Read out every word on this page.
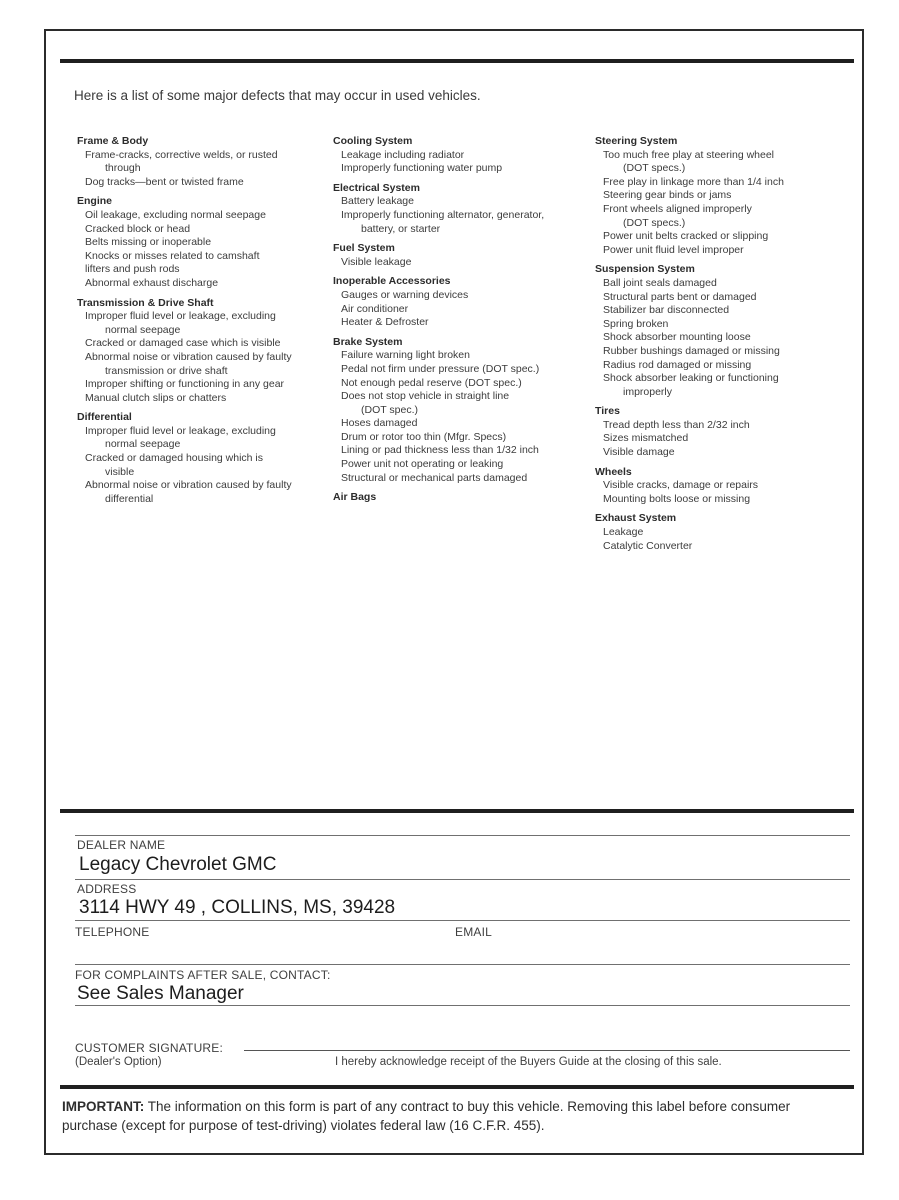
Here is a list of some major defects that may occur in used vehicles.
Frame & Body
Frame-cracks, corrective welds, or rusted
through
Dog tracks—bent or twisted frame
Engine
Oil leakage, excluding normal seepage
Cracked block or head
Belts missing or inoperable
Knocks or misses related to camshaft
lifters and push rods
Abnormal exhaust discharge
Transmission & Drive Shaft
Improper fluid level or leakage, excluding
normal seepage
Cracked or damaged case which is visible
Abnormal noise or vibration caused by faulty
transmission or drive shaft
Improper shifting or functioning in any gear
Manual clutch slips or chatters
Differential
Improper fluid level or leakage, excluding
normal seepage
Cracked or damaged housing which is
visible
Abnormal noise or vibration caused by faulty
differential
Cooling System
Leakage including radiator
Improperly functioning water pump
Electrical System
Battery leakage
Improperly functioning alternator, generator,
battery, or starter
Fuel System
Visible leakage
Inoperable Accessories
Gauges or warning devices
Air conditioner
Heater & Defroster
Brake System
Failure warning light broken
Pedal not firm under pressure (DOT spec.)
Not enough pedal reserve (DOT spec.)
Does not stop vehicle in straight line
(DOT spec.)
Hoses damaged
Drum or rotor too thin (Mfgr. Specs)
Lining or pad thickness less than 1/32 inch
Power unit not operating or leaking
Structural or mechanical parts damaged
Air Bags
Steering System
Too much free play at steering wheel
(DOT specs.)
Free play in linkage more than 1/4 inch
Steering gear binds or jams
Front wheels aligned improperly
(DOT specs.)
Power unit belts cracked or slipping
Power unit fluid level improper
Suspension System
Ball joint seals damaged
Structural parts bent or damaged
Stabilizer bar disconnected
Spring broken
Shock absorber mounting loose
Rubber bushings damaged or missing
Radius rod damaged or missing
Shock absorber leaking or functioning
improperly
Tires
Tread depth less than 2/32 inch
Sizes mismatched
Visible damage
Wheels
Visible cracks, damage or repairs
Mounting bolts loose or missing
Exhaust System
Leakage
Catalytic Converter
DEALER NAME
Legacy Chevrolet GMC
ADDRESS
3114 HWY 49 , COLLINS, MS, 39428
TELEPHONE	EMAIL
FOR COMPLAINTS AFTER SALE, CONTACT:
See Sales Manager
CUSTOMER SIGNATURE:
(Dealer's Option)	I hereby acknowledge receipt of the Buyers Guide at the closing of this sale.
IMPORTANT: The information on this form is part of any contract to buy this vehicle. Removing this label before consumer purchase (except for purpose of test-driving) violates federal law (16 C.F.R. 455).
